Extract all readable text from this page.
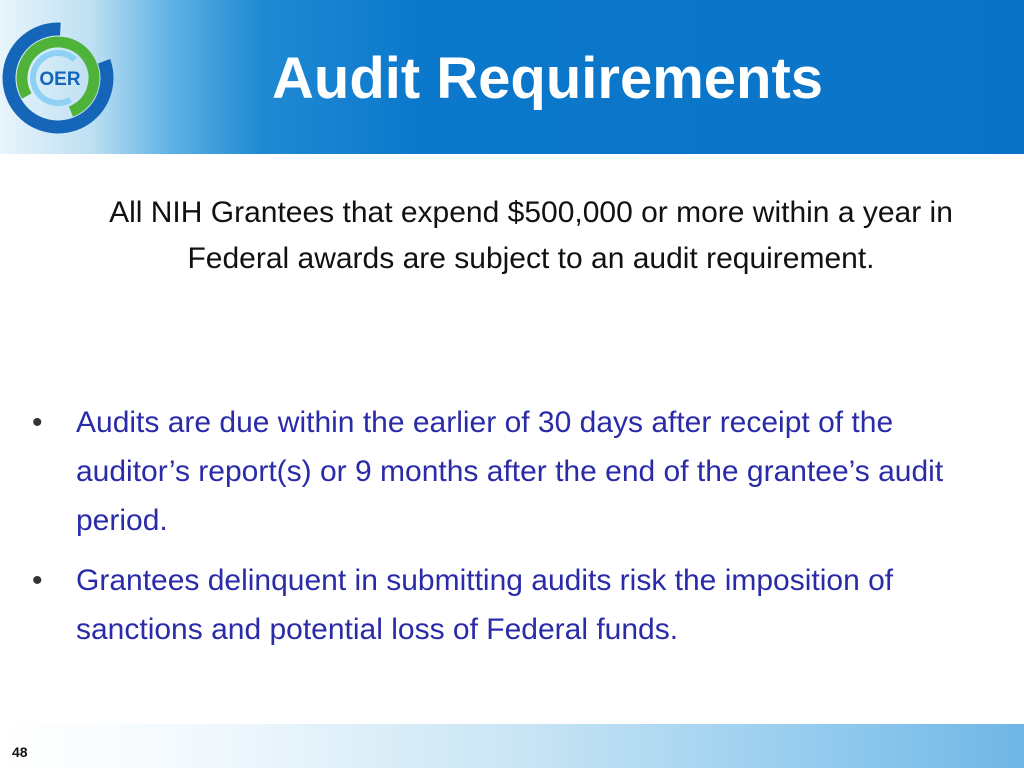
OER	Audit Requirements

All NIH Grantees that expend $500,000 or more within a year in Federal awards are subject to an audit requirement.

• Audits are due within the earlier of 30 days after receipt of the auditor’s report(s) or 9 months after the end of the grantee’s audit period.
• Grantees delinquent in submitting audits risk the imposition of sanctions and potential loss of Federal funds.
48
